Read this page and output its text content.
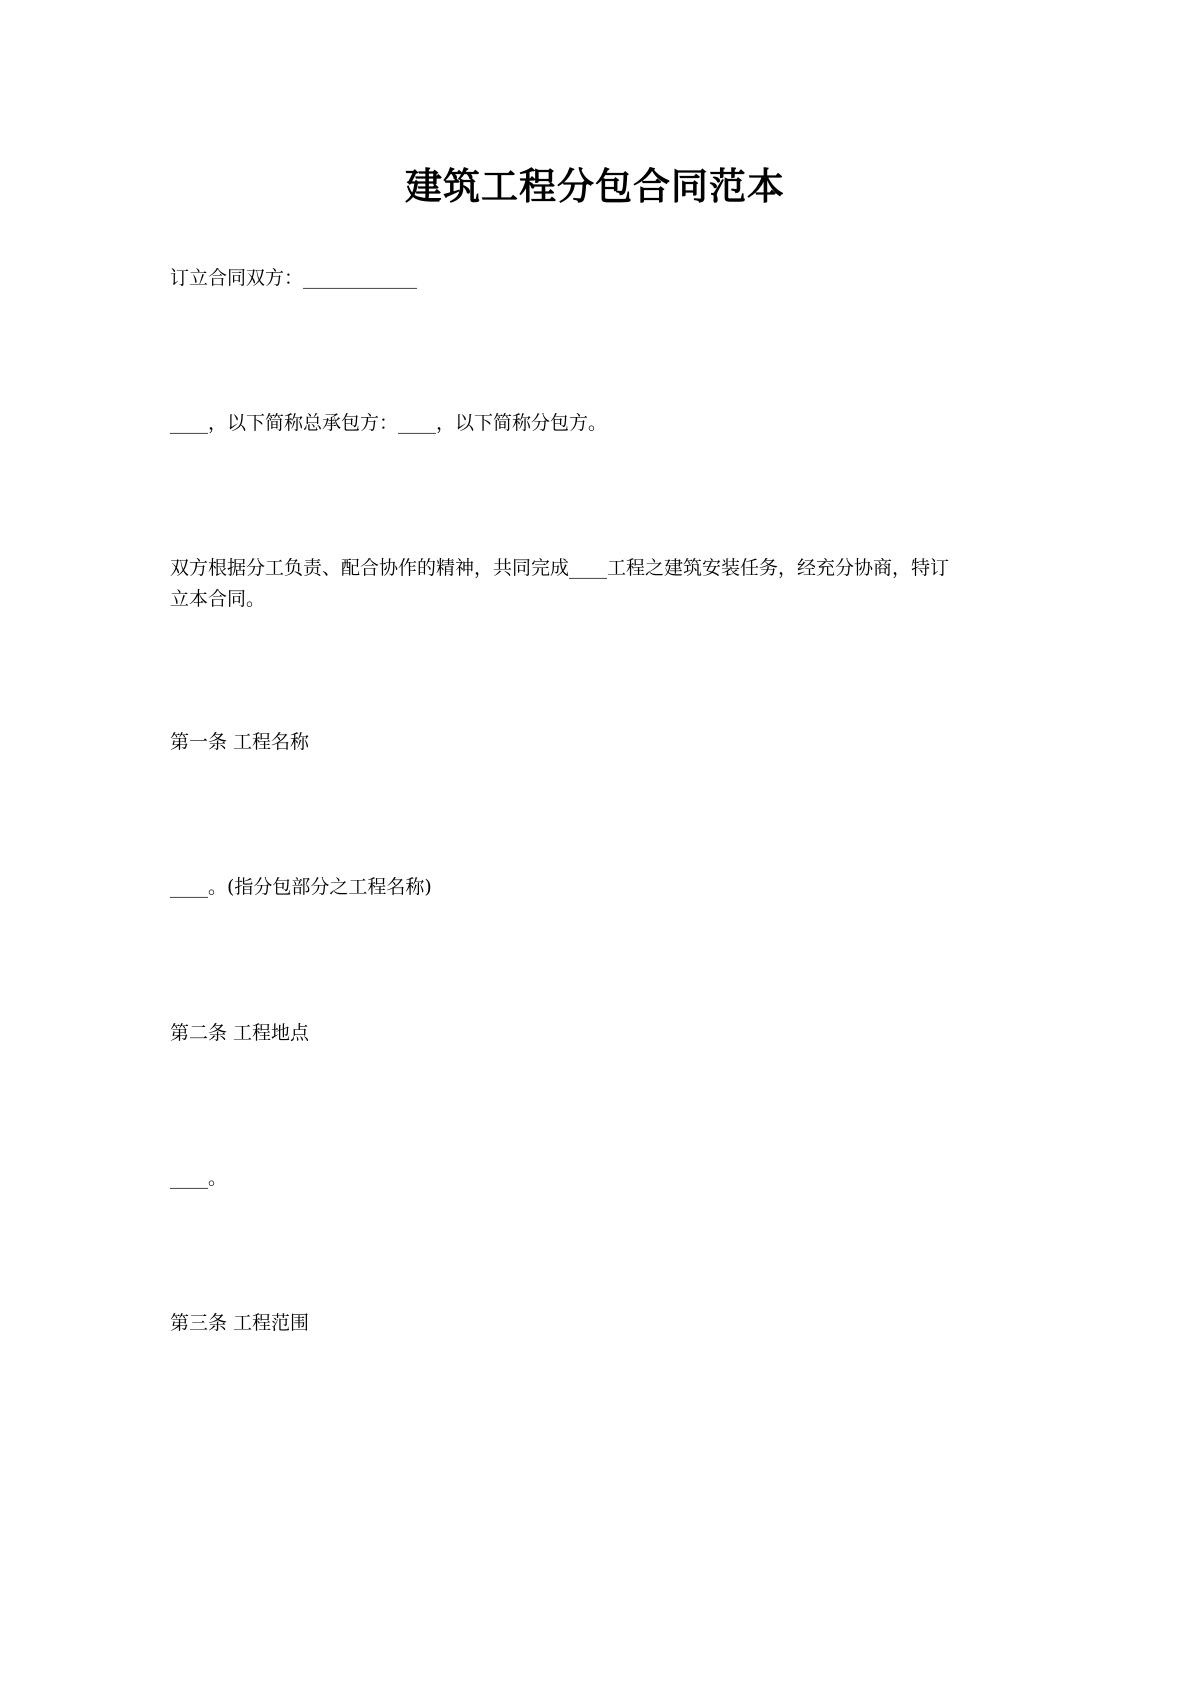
建筑工程分包合同范本
订立合同双方：____________
____，以下简称总承包方：____，以下简称分包方。
双方根据分工负责、配合协作的精神，共同完成____工程之建筑安装任务，经充分协商，特订立本合同。
第一条 工程名称
____。(指分包部分之工程名称)
第二条 工程地点
____。
第三条 工程范围
